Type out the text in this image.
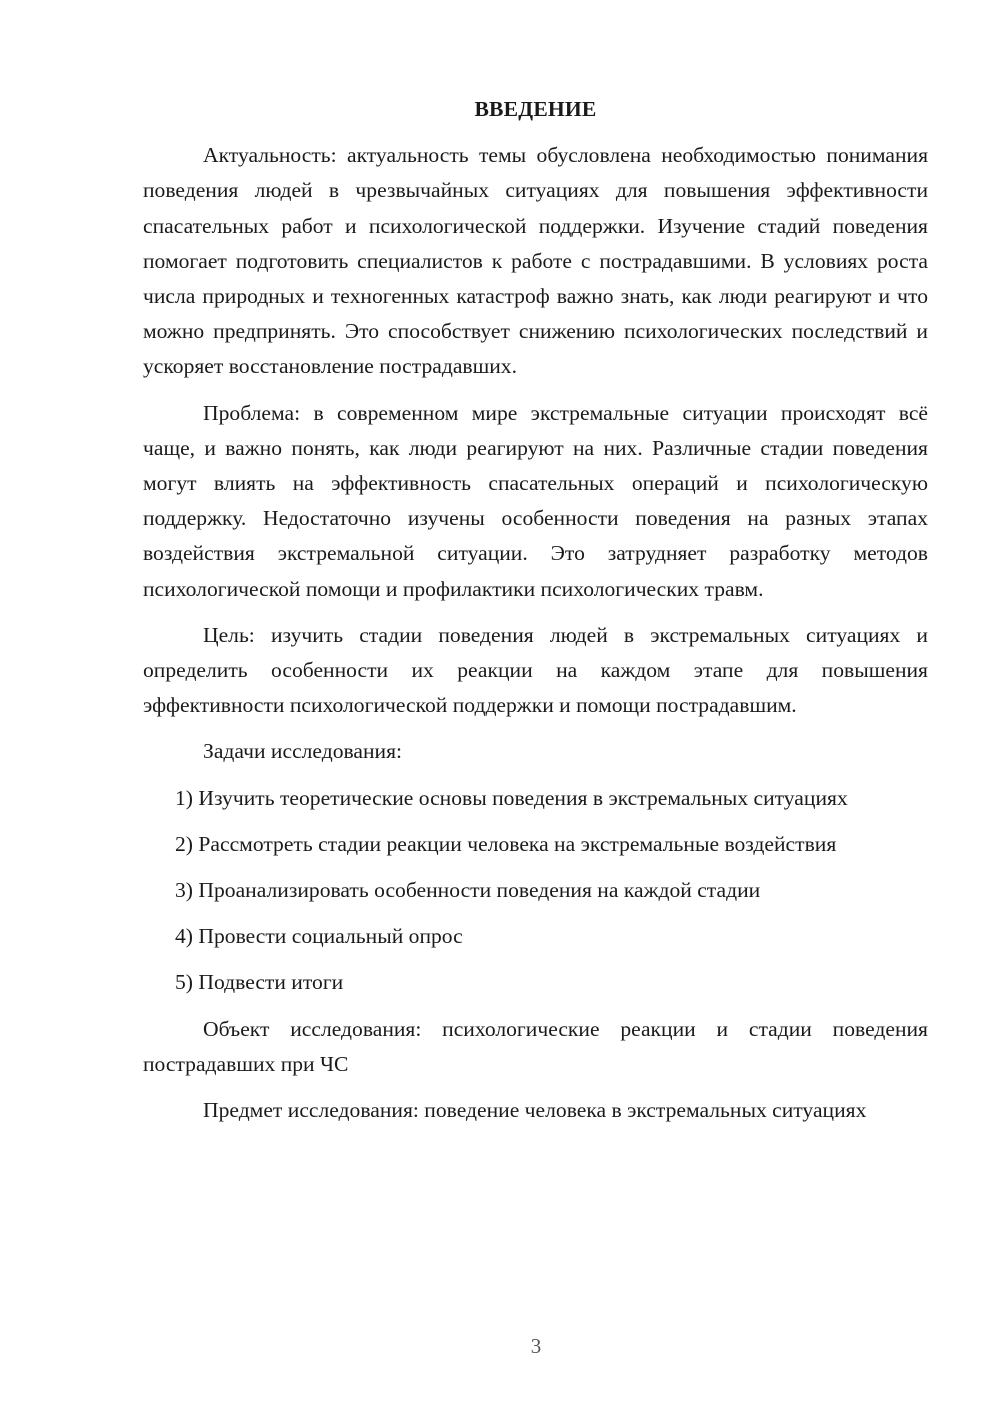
ВВЕДЕНИЕ

Актуальность: актуальность темы обусловлена необходимостью понимания поведения людей в чрезвычайных ситуациях для повышения эффективности спасательных работ и психологической поддержки. Изучение стадий поведения помогает подготовить специалистов к работе с пострадавшими. В условиях роста числа природных и техногенных катастроф важно знать, как люди реагируют и что можно предпринять. Это способствует снижению психологических последствий и ускоряет восстановление пострадавших.

Проблема: в современном мире экстремальные ситуации происходят всё чаще, и важно понять, как люди реагируют на них. Различные стадии поведения могут влиять на эффективность спасательных операций и психологическую поддержку. Недостаточно изучены особенности поведения на разных этапах воздействия экстремальной ситуации. Это затрудняет разработку методов психологической помощи и профилактики психологических травм.

Цель: изучить стадии поведения людей в экстремальных ситуациях и определить особенности их реакции на каждом этапе для повышения эффективности психологической поддержки и помощи пострадавшим.

Задачи исследования:

1) Изучить теоретические основы поведения в экстремальных ситуациях

2) Рассмотреть стадии реакции человека на экстремальные воздействия

3) Проанализировать особенности поведения на каждой стадии

4) Провести социальный опрос

5) Подвести итоги

Объект исследования: психологические реакции и стадии поведения пострадавших при ЧС

Предмет исследования: поведение человека в экстремальных ситуациях

3
